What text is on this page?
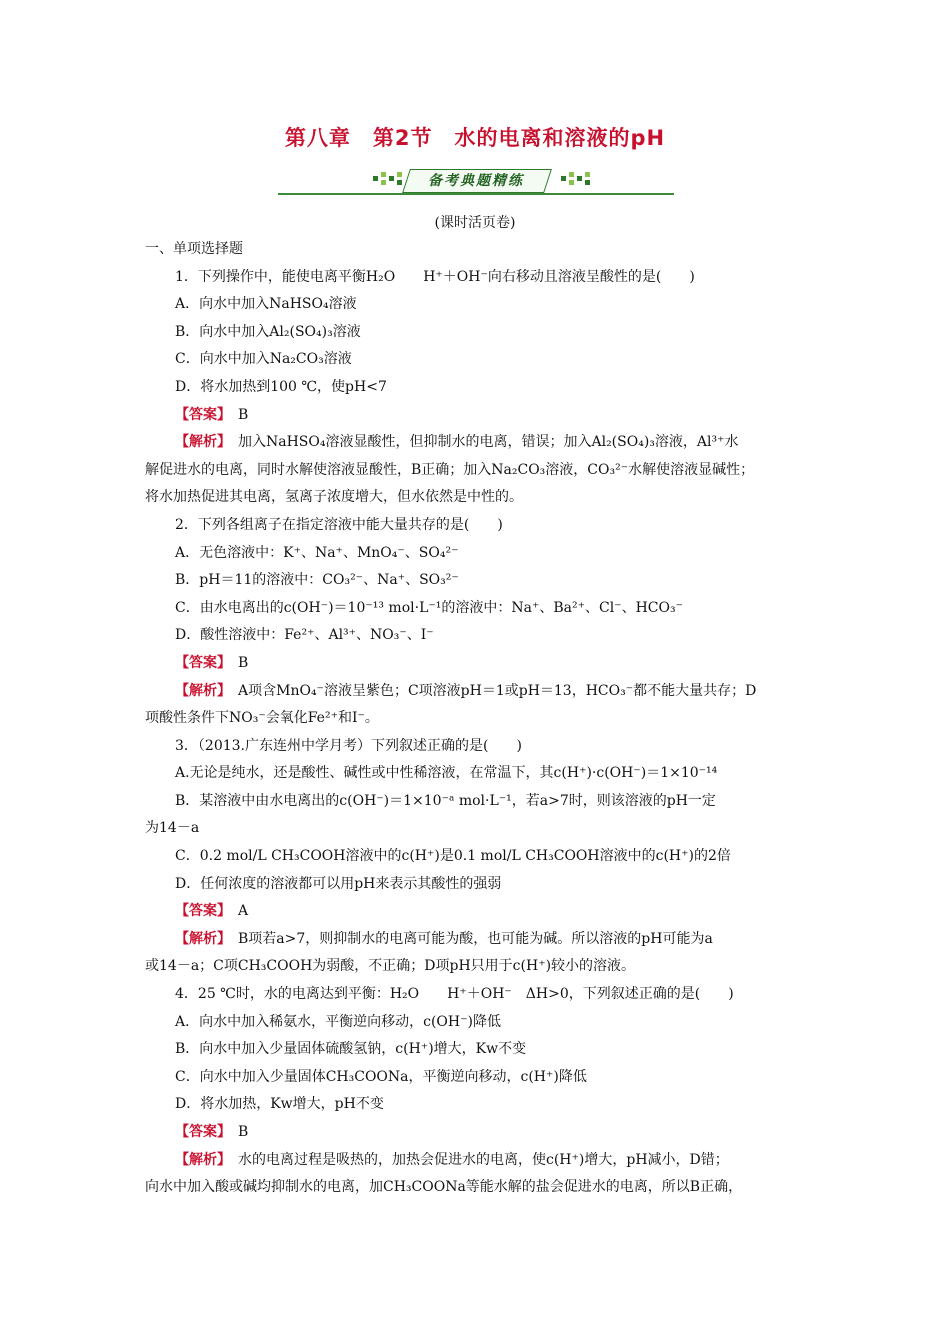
第八章　第2节　水的电离和溶液的pH
备考典题精练
(课时活页卷)
一、单项选择题
1．下列操作中，能使电离平衡H₂O　　H⁺＋OH⁻向右移动且溶液呈酸性的是(　　)
A．向水中加入NaHSO₄溶液
B．向水中加入Al₂(SO₄)₃溶液
C．向水中加入Na₂CO₃溶液
D．将水加热到100 ℃，使pH<7
【答案】　 B
【解析】　 加入NaHSO₄溶液显酸性，但抑制水的电离，错误；加入Al₂(SO₄)₃溶液，Al³⁺水
解促进水的电离，同时水解使溶液显酸性，B正确；加入Na₂CO₃溶液，CO₃²⁻水解使溶液显碱性；
将水加热促进其电离，氢离子浓度增大，但水依然是中性的。
2．下列各组离子在指定溶液中能大量共存的是(　　)
A．无色溶液中：K⁺、Na⁺、MnO₄⁻、SO₄²⁻
B．pH＝11的溶液中：CO₃²⁻、Na⁺、SO₃²⁻
C．由水电离出的c(OH⁻)＝10⁻¹³ mol·L⁻¹的溶液中：Na⁺、Ba²⁺、Cl⁻、HCO₃⁻
D．酸性溶液中：Fe²⁺、Al³⁺、NO₃⁻、I⁻
【答案】　 B
【解析】　 A项含MnO₄⁻溶液呈紫色；C项溶液pH＝1或pH＝13，HCO₃⁻都不能大量共存；D
项酸性条件下NO₃⁻会氧化Fe²⁺和I⁻。
3．（2013.广东连州中学月考）下列叙述正确的是(　　)
A.无论是纯水，还是酸性、碱性或中性稀溶液，在常温下，其c(H⁺)·c(OH⁻)＝1×10⁻¹⁴
B．某溶液中由水电离出的c(OH⁻)＝1×10⁻ᵃ mol·L⁻¹，若a>7时，则该溶液的pH一定
为14－a
C．0.2 mol/L CH₃COOH溶液中的c(H⁺)是0.1 mol/L CH₃COOH溶液中的c(H⁺)的2倍
D．任何浓度的溶液都可以用pH来表示其酸性的强弱
【答案】　 A
【解析】　 B项若a>7，则抑制水的电离可能为酸，也可能为碱。所以溶液的pH可能为a
或14－a；C项CH₃COOH为弱酸，不正确；D项pH只用于c(H⁺)较小的溶液。
4．25 ℃时，水的电离达到平衡：H₂O　　H⁺＋OH⁻　ΔH>0，下列叙述正确的是(　　)
A．向水中加入稀氨水，平衡逆向移动，c(OH⁻)降低
B．向水中加入少量固体硫酸氢钠，c(H⁺)增大，Kw不变
C．向水中加入少量固体CH₃COONa，平衡逆向移动，c(H⁺)降低
D．将水加热，Kw增大，pH不变
【答案】　 B
【解析】　 水的电离过程是吸热的，加热会促进水的电离，使c(H⁺)增大，pH减小，D错；
向水中加入酸或碱均抑制水的电离，加CH₃COONa等能水解的盐会促进水的电离，所以B正确，
